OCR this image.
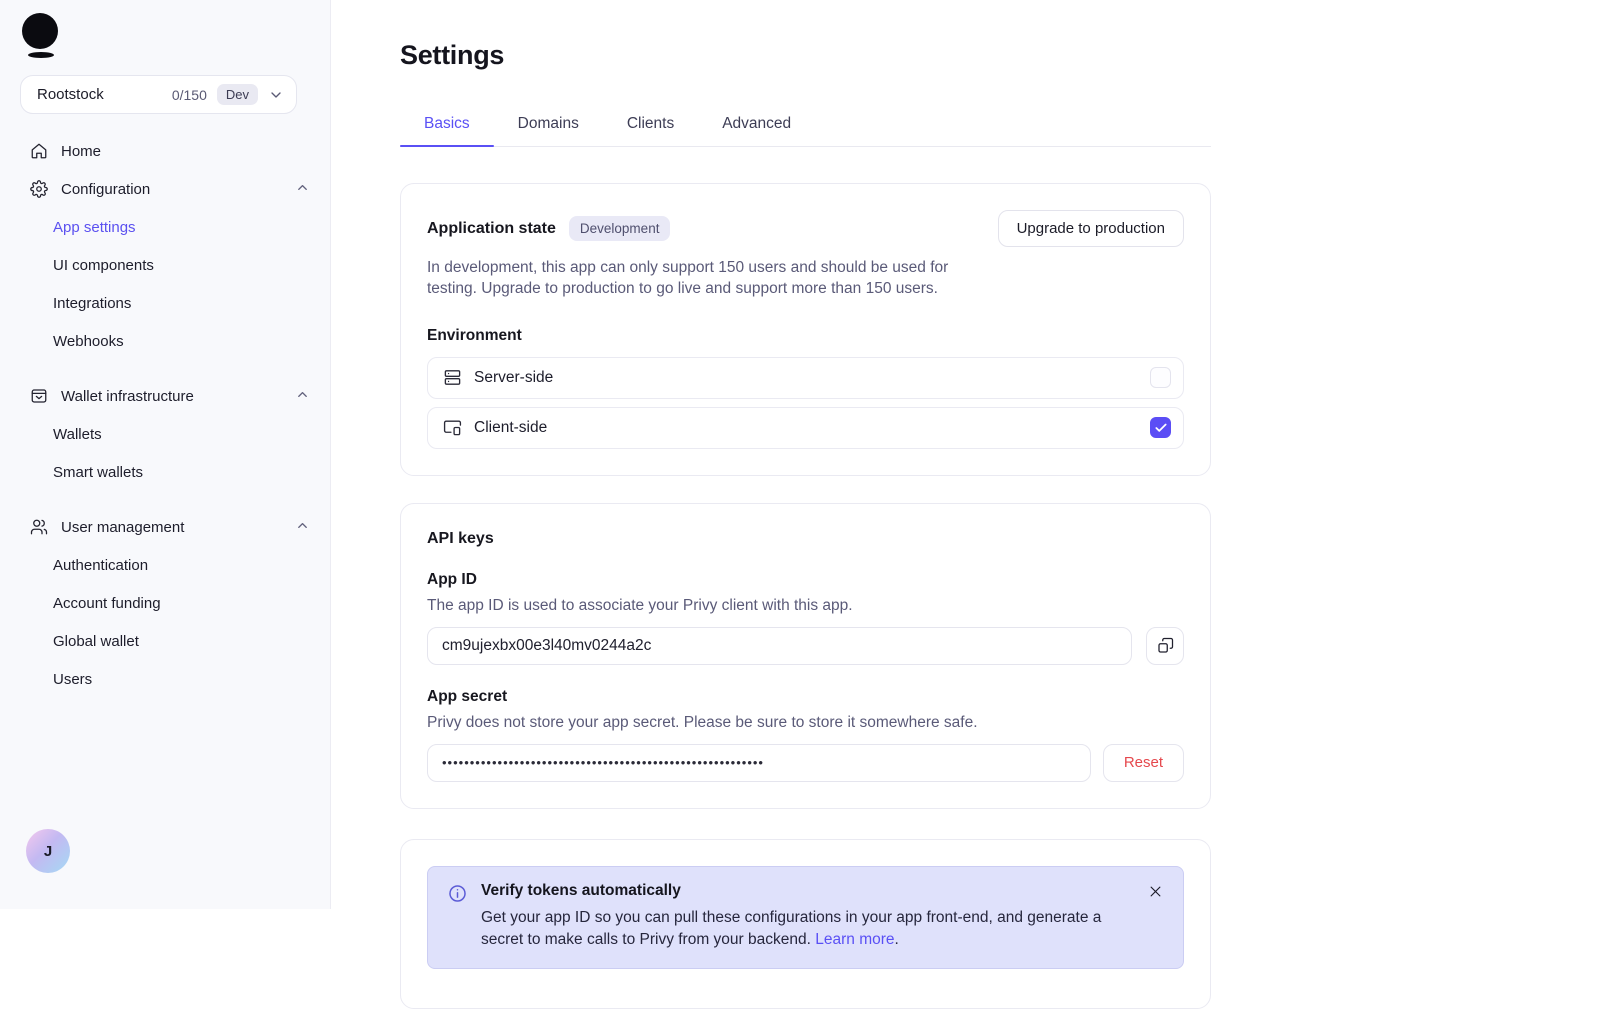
Rootstock	0/150	Dev
Home
Configuration
App settings
UI components
Integrations
Webhooks
Wallet infrastructure
Wallets
Smart wallets
User management
Authentication
Account funding
Global wallet
Users
J
Settings
Basics	Domains	Clients	Advanced
Application state	Development	Upgrade to production

In development, this app can only support 150 users and should be used for testing. Upgrade to production to go live and support more than 150 users.

Environment
Server-side
Client-side
API keys
App ID
The app ID is used to associate your Privy client with this app.
cm9ujexbx00e3l40mv0244a2c
App secret
Privy does not store your app secret. Please be sure to store it somewhere safe.
••••••••••••••••••••••••••••••••••••••••••••••••••••••••••
Reset
Verify tokens automatically
Get your app ID so you can pull these configurations in your app front-end, and generate a secret to make calls to Privy from your backend. Learn more.
